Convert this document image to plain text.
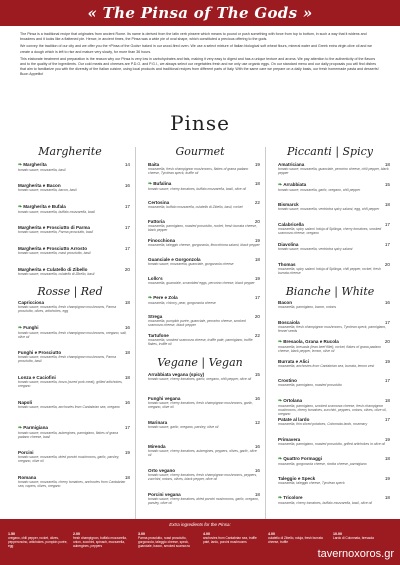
« The Pinsa of The Gods »

The Pinsa is a traditional recipe that originates from ancient Rome. Its name is derived from the latin verb pinsere which means to pound or push something with force from top to bottom, in such a way that it widens and broadens and it looks like a flattened pie. Hence, in ancient times, the Pinsa was a wide pie of oval shape, which constituted a precious offering to the gods.

We convey the tradition of our city and we offer you the «Pinsa of the Gods» baked in our wood-fired oven. We use a select mixture of Italian biological soft wheat flours, mineral water and Greek extra virgin olive oil and we create a dough which is left to rise and mature very slowly, for more than 36 hours.

This elaborate treatment and preparation is the reason why our Pinsa is very low in carbohydrates and fats, making it very easy to digest and has a unique texture and aroma. We pay attention to the authenticity of the flavors and to the quality of the ingredients. Our cold meats and cheeses are P.D.O. and P.G.I., we always select our vegetables fresh and we only use organic eggs. On our standard menu and our daily proposals you will find dishes that aim to familiarize you with the diversity of the Italian cuisine, using local products and traditional recipes from different parts of Italy. With the same care we prepare on a daily basis, our fresh homemade pasta and desserts! Buon Appetito!

Pinse
Margherite	Gourmet	Piccanti | Spicy
Rosse | Red
Vegane | Vegan
Bianche | White
❧Margherita
tomato sauce, mozzarella, basil
14
Margherita e Bacon
tomato sauce, mozzarella, bacon, basil
16
❧Margherita e Bufala
tomato sauce, mozzarella, buffalo mozzarella, basil
17
Margherita e Prosciutto di Parma
tomato sauce, mozzarella, Parma prosciutto, basil
17
Margherita e Prosciutto Arrosto
tomato sauce, mozzarella, roast prosciutto, basil
17
Margherita e Culatello di Zibello
tomato sauce, mozzarella, culatello di Zibello, basil
20
Capricciosa
tomato sauce, mozzarella, fresh champignon mushrooms, Parma prosciutto, olives, artichokes, egg
18
❧Funghi
tomato sauce, mozzarella, fresh champignon mushrooms, oregano, salt, olive oil
16
Funghi e Prosciutto
tomato sauce, mozzarella, fresh champignon mushrooms, Parma prosciutto, basil
18
Lonza e Caciofini
tomato sauce, mozzarella, lonza (cured pork meat), grilled artichokes, oregano
18
Napoli
tomato sauce, mozzarella, anchovies from Cantabrian sea, oregano
16
❧Parmigiana
tomato sauce, mozzarella, aubergines, parmigiano, flakes of grana padano cheese, basil
17
Porcini
tomato sauce, mozzarella, dried porcini mushrooms, garlic, parsley, oregano, olive oil
19
Romana
tomato sauce, mozzarella, cherry tomatoes, anchovies from Cantabrian sea, capers, olives, oregano
18
Baita
mozzarella, fresh champignon mushrooms, flakes of grana padano cheese, Tyrolean speck, truffle oil
19
❧Bufalina
tomato sauce, cherry tomatoes, buffalo mozzarella, basil, olive oil
18
Certosina
mozzarella, buffalo mozzarella, culatello di Zibello, basil, rocket
22
Fattoria
mozzarella, parmigiano, roasted prosciutto, rocket, fresh burrata cheese, black pepper
20
Finocchiona
mozzarella, taleggio cheese, gorgonzola, finocchiona salami, black pepper
19
Guanciale e Gorgonzola
tomato sauce, mozzarella, guanciale, gorgonzola cheese
18
Lollo's
mozzarella, guanciale, scrambled eggs, pecorino cheese, black pepper
19
❧Pere e Zola
mozzarella, chicory, pear, gorgonzola cheese
17
Stregа
mozzarella, pumpkin purée, guanciale, pecorino cheese, smoked scamorza cheese, black pepper
20
Tartufone
mozzarella, smoked scamorza cheese, truffle paté, parmigiano, truffle flakes, truffle oil
22
Arrabbiata vegana (spicy)
tomato sauce, cherry tomatoes, garlic, oregano, chili pepper, olive oil
15
Funghi vegana
tomato sauce, cherry tomatoes, fresh champignon mushrooms, garlic, oregano, olive oil
16
Marinara
tomato sauce, garlic, oregano, parsley, olive oil
12
Mirenda
tomato sauce, cherry tomatoes, aubergines, peppers, olives, garlic, olive oil
16
Orto vegano
tomato sauce, cherry tomatoes, fresh champignon mushrooms, peppers, zucchini, onions, olives, black pepper, olive oil
16
Porcini vegana
tomato sauce, cherry tomatoes, dried porcini mushrooms, garlic, oregano, parsley, olive oil
18
Amatriciana
tomato sauce, mozzarella, guanciale, pecorino cheese, chili pepper, black pepper
18
❧Arrabbiata
tomato sauce, mozzarella, garlic, oregano, chili pepper
15
Bismarck
tomato sauce, mozzarella, ventricina spicy salami, egg, chili pepper
18
Calabricella
mozzarella, spicy salami 'nduja di Spilinga, cherry tomatoes, smoked scamorza cheese, oregano
17
Diavolina
tomato sauce, mozzarella, ventricina spicy salami
17
Thomas
mozzarella, spicy salami 'nduja di Spilinga, chili pepper, rocket, fresh burrata cheese
20
Bacon
mozzarella, parmigiano, bacon, onions
16
Boscaiola
mozzarella, fresh champignon mushrooms, Tyrolean speck, parmigiano, fennel seeds
17
❧Bresaola, Grana e Rucola
mozzarella, bresaola (lean beef fillet), rocket, flakes of grana padano cheese, black pepper, lemon, olive oil
20
Burrata e Alici
mozzarella, anchovies from Cantabrian sea, burrata, lemon zest
19
Crostino
mozzarella, parmigiano, roasted prosciutto
17
❧Ortolana
mozzarella, parmigiano, smoked scamorza cheese, fresh champignon mushrooms, cherry tomatoes, zucchini, peppers, onions, olives, olive oil, oregano
18
Patate al lardo
mozzarella, thin sliced potatoes, Colonnata lardo, rosemary
17
Primavera
mozzarella, parmigiano, roasted prosciutto, grilled artichokes in olive oil
19
❧Quattro Formaggi
mozzarella, gorgonzola cheese, ricotta cheese, parmigiano
18
Taleggio e Speck
mozzarella, taleggio cheese, Tyrolean speck
19
❧Tricolore
mozzarella, cherry tomatoes, buffalo mozzarella, basil, olive oil
18
Extra ingredients for the Pinsa:
1.50
oregano, chili pepper, rocket, olives, pepperoncino, artichokes, pumpkin purée, egg
2.00
fresh champignon, buffalo mozzarella, onion, zucchini, spinach, mozzarella, aubergines, peppers
3.00
Parma prosciutto, roast prosciutto, gorgonzola, taleggio cheese, speck, guanciale, bacon, smoked scamorza
4.00
anchovies from Cantabrian sea, truffle paté, lardo, porcini mushrooms
4.00
culatello di Zibello, nduja, fresh burrata cheese, truffle
10.00
Lardo di Colonnata, bresaola
tavernoxoros.gr
